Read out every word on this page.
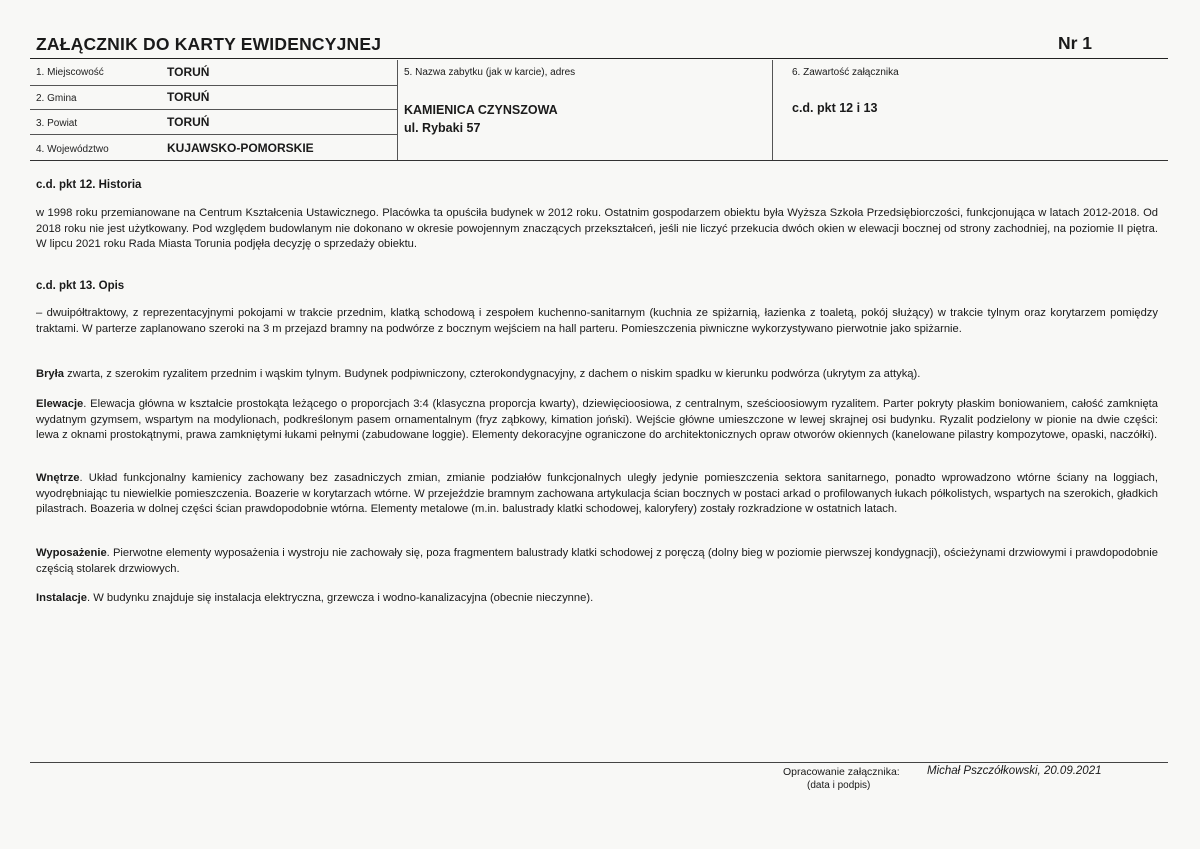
ZAŁĄCZNIK DO KARTY EWIDENCYJNEJ	Nr 1
1. Miejscowość	TORUŃ
2. Gmina	TORUŃ
3. Powiat	TORUŃ
4. Województwo	KUJAWSKO-POMORSKIE
5. Nazwa zabytku (jak w karcie), adres
KAMIENICA CZYNSZOWA
ul. Rybaki 57
6. Zawartość załącznika
c.d. pkt 12 i 13
c.d. pkt 12. Historia
w 1998 roku przemianowane na Centrum Kształcenia Ustawicznego. Placówka ta opuściła budynek w 2012 roku. Ostatnim gospodarzem obiektu była Wyższa Szkoła Przedsiębiorczości, funkcjonująca w latach 2012-2018. Od 2018 roku nie jest użytkowany. Pod względem budowlanym nie dokonano w okresie powojennym znaczących przekształceń, jeśli nie liczyć przekucia dwóch okien w elewacji bocznej od strony zachodniej, na poziomie II piętra. W lipcu 2021 roku Rada Miasta Torunia podjęła decyzję o sprzedaży obiektu.
c.d. pkt 13. Opis
– dwuipółtraktowy, z reprezentacyjnymi pokojami w trakcie przednim, klatką schodową i zespołem kuchenno-sanitarnym (kuchnia ze spiżarnią, łazienka z toaletą, pokój służący) w trakcie tylnym oraz korytarzem pomiędzy traktami. W parterze zaplanowano szeroki na 3 m przejazd bramny na podwórze z bocznym wejściem na hall parteru. Pomieszczenia piwniczne wykorzystywano pierwotnie jako spiżarnie.
Bryła zwarta, z szerokim ryzalitem przednim i wąskim tylnym. Budynek podpiwniczony, czterokondygnacyjny, z dachem o niskim spadku w kierunku podwórza (ukrytym za attyką).
Elewacje. Elewacja główna w kształcie prostokąta leżącego o proporcjach 3:4 (klasyczna proporcja kwarty), dziewięcioosiowa, z centralnym, sześcioosiowym ryzalitem. Parter pokryty płaskim boniowaniem, całość zamknięta wydatnym gzymsem, wspartym na modylionach, podkreślonym pasem ornamentalnym (fryz ząbkowy, kimation joński). Wejście główne umieszczone w lewej skrajnej osi budynku. Ryzalit podzielony w pionie na dwie części: lewa z oknami prostokątnymi, prawa zamkniętymi łukami pełnymi (zabudowane loggie). Elementy dekoracyjne ograniczone do architektonicznych opraw otworów okiennych (kanelowane pilastry kompozytowe, opaski, naczółki).
Wnętrze. Układ funkcjonalny kamienicy zachowany bez zasadniczych zmian, zmianie podziałów funkcjonalnych uległy jedynie pomieszczenia sektora sanitarnego, ponadto wprowadzono wtórne ściany na loggiach, wyodrębniając tu niewielkie pomieszczenia. Boazerie w korytarzach wtórne. W przejeździe bramnym zachowana artykulacja ścian bocznych w postaci arkad o profilowanych łukach półkolistych, wspartych na szerokich, gładkich pilastrach. Boazeria w dolnej części ścian prawdopodobnie wtórna. Elementy metalowe (m.in. balustrady klatki schodowej, kaloryfery) zostały rozkradzione w ostatnich latach.
Wyposażenie. Pierwotne elementy wyposażenia i wystroju nie zachowały się, poza fragmentem balustrady klatki schodowej z poręczą (dolny bieg w poziomie pierwszej kondygnacji), ościeżynami drzwiowymi i prawdopodobnie częścią stolarek drzwiowych.
Instalacje. W budynku znajduje się instalacja elektryczna, grzewcza i wodno-kanalizacyjna (obecnie nieczynne).
Opracowanie załącznika: Michał Pszczółkowski, 20.09.2021
(data i podpis)
